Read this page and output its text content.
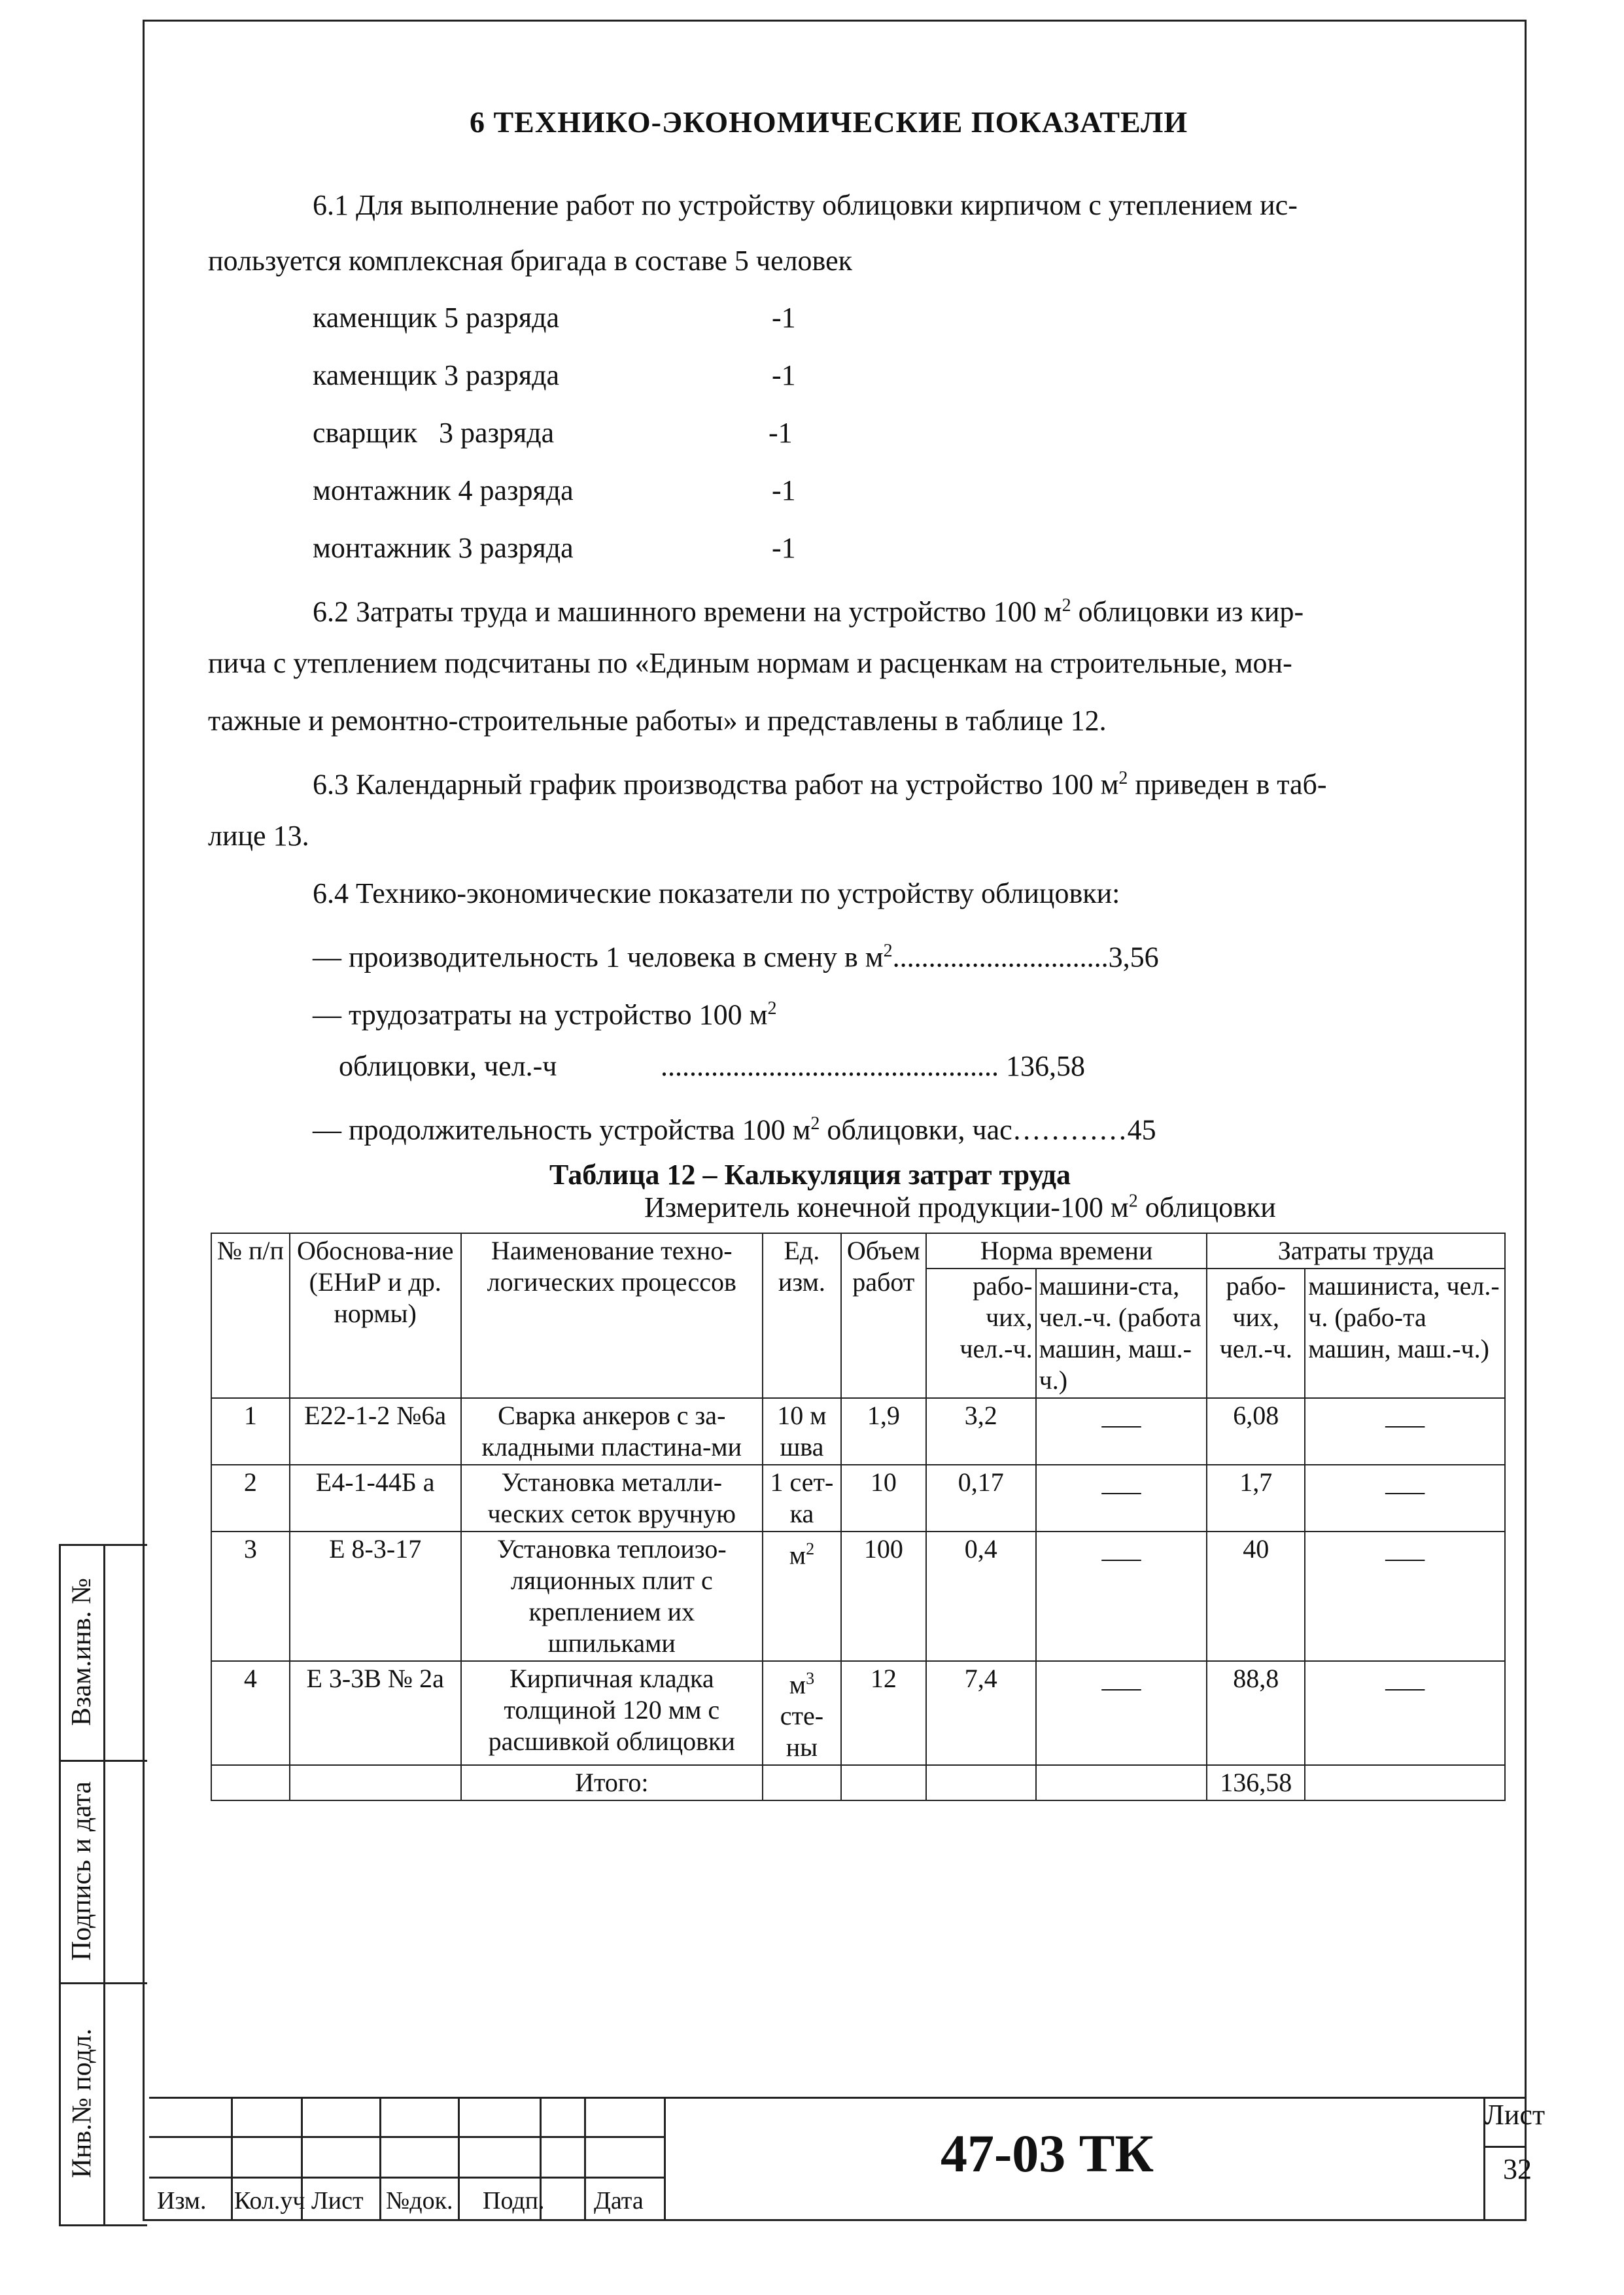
Взам.инв. №
Подпись и дата
Инв.№ подл.
6 ТЕХНИКО-ЭКОНОМИЧЕСКИЕ ПОКАЗАТЕЛИ
6.1 Для выполнение работ по устройству облицовки кирпичом с утеплением ис-
пользуется комплексная бригада в составе 5 человек
каменщик 5 разряда	-1
каменщик 3 разряда	-1
сварщик   3 разряда	-1
монтажник 4 разряда	-1
монтажник 3 разряда	-1
6.2 Затраты труда и машинного времени на устройство 100 $м^2$ облицовки из кир-
пича с утеплением подсчитаны по «Единым нормам и расценкам на строительные, мон-
тажные и ремонтно-строительные работы» и представлены в таблице 12.
6.3 Календарный график производства работ на устройство 100 $м^2$ приведен в таб-
лице 13.
6.4 Технико-экономические показатели по устройству облицовки:
— производительность 1 человека в смену в $м^2..............................3,56$
— трудозатраты на устройство 100 $м^2$
облицовки, чел.-ч	............................................... 136,58
— продолжительность устройства 100 $м^2$ облицовки, час…………45
Таблица 12 – Калькуляция затрат труда
Измеритель конечной продукции-100 $м^2$ облицовки
№ п/п	Обоснова-ние (ЕНиР и др. нормы)	Наименование техно-логических процессов	Ед. изм.	Объем работ	Норма времени		Затраты труда	
					рабо-чих, чел.-ч.	машини-ста, чел.-ч. (работа машин, маш.-ч.)	рабо-чих, чел.-ч.	машиниста, чел.-ч. (рабо-та машин, маш.-ч.)
1	Е22-1-2 №6а	Сварка анкеров с за-кладными пластина-ми	10 м шва	1,9	3,2	___	6,08	___
2	Е4-1-44Б а	Установка металли-ческих сеток вручную	1 сет-ка	10	0,17	___	1,7	___
3	Е 8-3-17	Установка теплоизо-ляционных плит с креплением их шпильками	$м^2$	100	0,4	___	40	___
4	Е 3-3В № 2а	Кирпичная кладка толщиной 120 мм с расшивкой облицовки	$м^3$ сте-ны	12	7,4	___	88,8	___
		Итого:					136,58	
Изм. Кол.уч Лист №док. Подп. Дата
47-03 ТК
Лист
32
